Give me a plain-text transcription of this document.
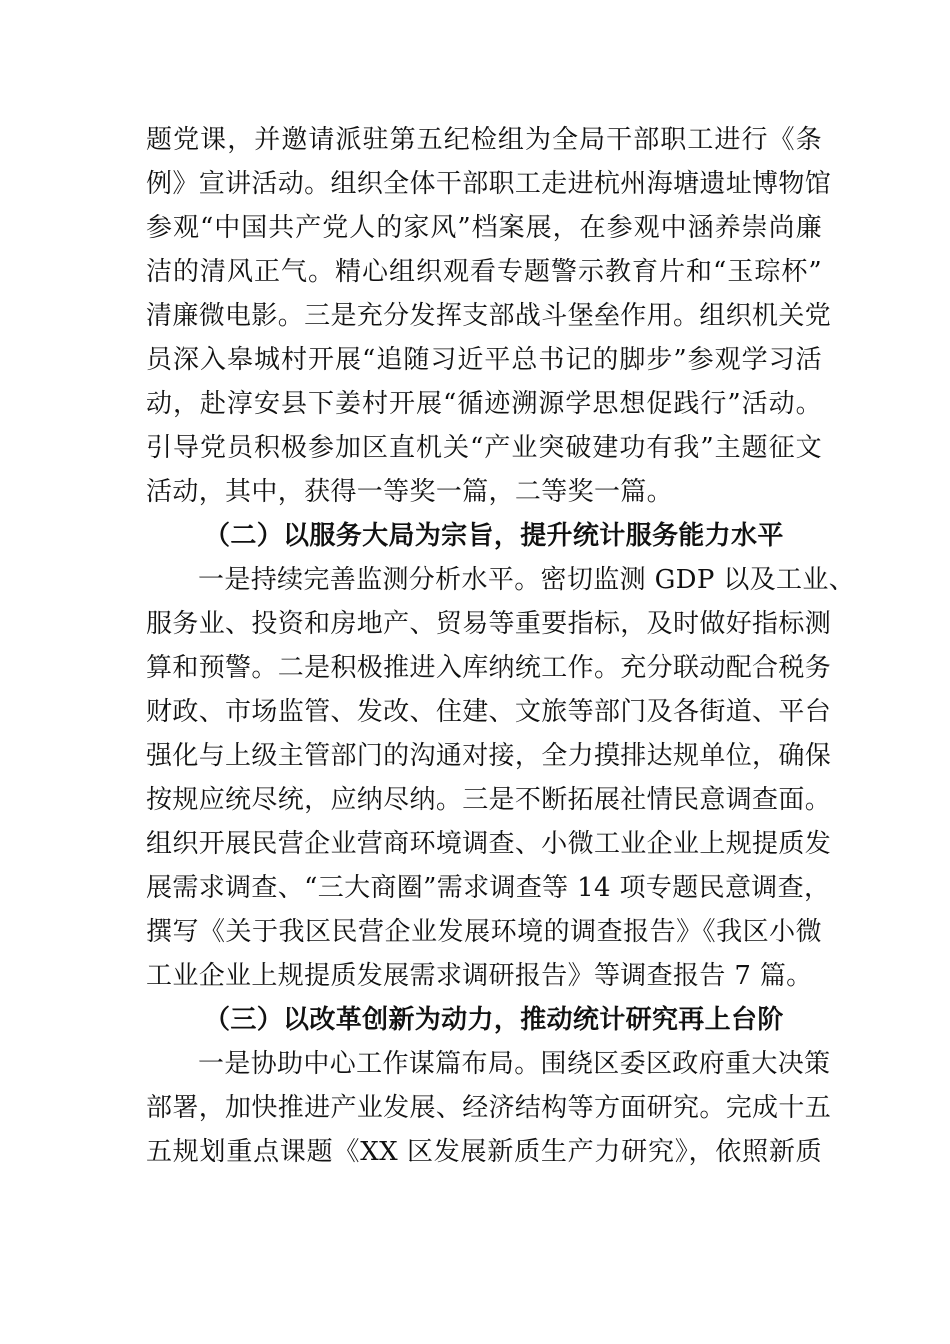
题党课，并邀请派驻第五纪检组为全局干部职工进行《条
例》宣讲活动。组织全体干部职工走进杭州海塘遗址博物馆
参观“中国共产党人的家风”档案展，在参观中涵养崇尚廉
洁的清风正气。精心组织观看专题警示教育片和“玉琮杯”
清廉微电影。三是充分发挥支部战斗堡垒作用。组织机关党
员深入皋城村开展“追随习近平总书记的脚步”参观学习活
动，赴淳安县下姜村开展“循迹溯源学思想促践行”活动。
引导党员积极参加区直机关“产业突破建功有我”主题征文
活动，其中，获得一等奖一篇，二等奖一篇。
（二）以服务大局为宗旨，提升统计服务能力水平
一是持续完善监测分析水平。密切监测 GDP 以及工业、
服务业、投资和房地产、贸易等重要指标，及时做好指标测
算和预警。二是积极推进入库纳统工作。充分联动配合税务
财政、市场监管、发改、住建、文旅等部门及各街道、平台
强化与上级主管部门的沟通对接，全力摸排达规单位，确保
按规应统尽统，应纳尽纳。三是不断拓展社情民意调查面。
组织开展民营企业营商环境调查、小微工业企业上规提质发
展需求调查、“三大商圈”需求调查等 14 项专题民意调查，
撰写《关于我区民营企业发展环境的调查报告》《我区小微
工业企业上规提质发展需求调研报告》等调查报告 7 篇。
（三）以改革创新为动力，推动统计研究再上台阶
一是协助中心工作谋篇布局。围绕区委区政府重大决策
部署，加快推进产业发展、经济结构等方面研究。完成十五
五规划重点课题《XX 区发展新质生产力研究》，依照新质
